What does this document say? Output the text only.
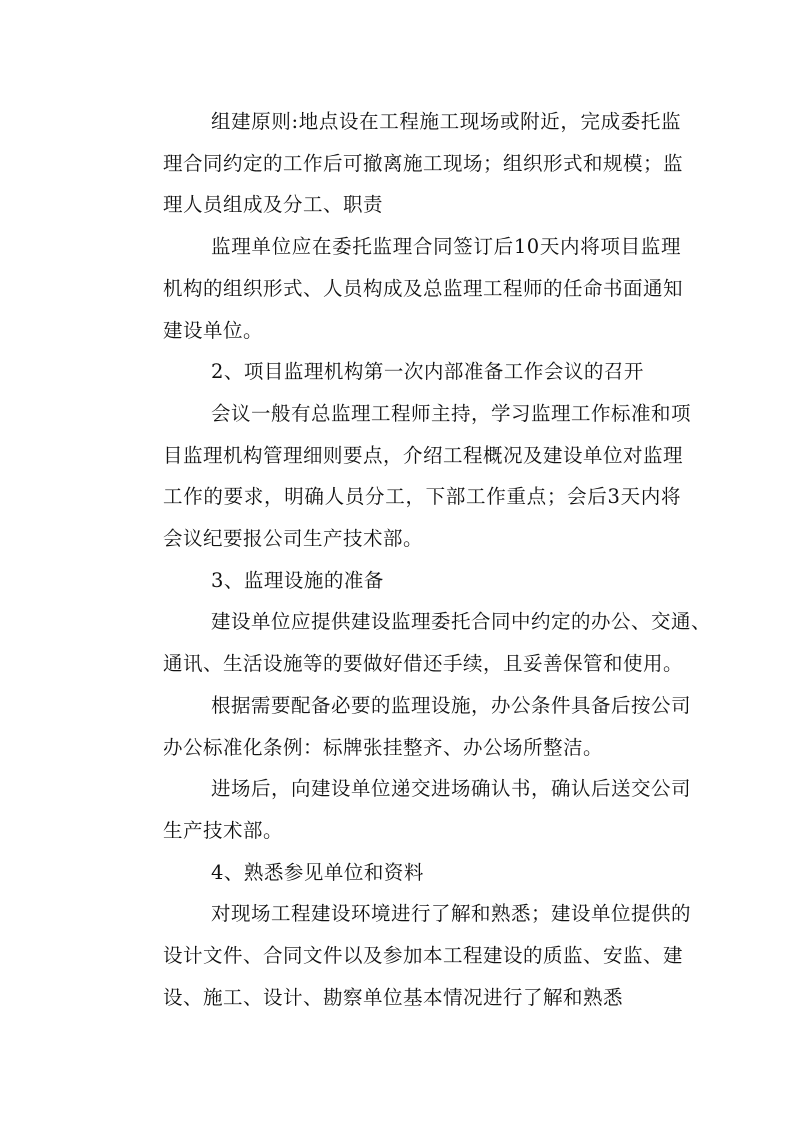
组建原则:地点设在工程施工现场或附近，完成委托监
理合同约定的工作后可撤离施工现场；组织形式和规模；监
理人员组成及分工、职责
监理单位应在委托监理合同签订后10天内将项目监理
机构的组织形式、人员构成及总监理工程师的任命书面通知
建设单位。
2、项目监理机构第一次内部准备工作会议的召开
会议一般有总监理工程师主持，学习监理工作标准和项
目监理机构管理细则要点，介绍工程概况及建设单位对监理
工作的要求，明确人员分工，下部工作重点；会后3天内将
会议纪要报公司生产技术部。
3、监理设施的准备
建设单位应提供建设监理委托合同中约定的办公、交通、
通讯、生活设施等的要做好借还手续，且妥善保管和使用。
根据需要配备必要的监理设施，办公条件具备后按公司
办公标准化条例：标牌张挂整齐、办公场所整洁。
进场后，向建设单位递交进场确认书，确认后送交公司
生产技术部。
4、熟悉参见单位和资料
对现场工程建设环境进行了解和熟悉；建设单位提供的
设计文件、合同文件以及参加本工程建设的质监、安监、建
设、施工、设计、勘察单位基本情况进行了解和熟悉
